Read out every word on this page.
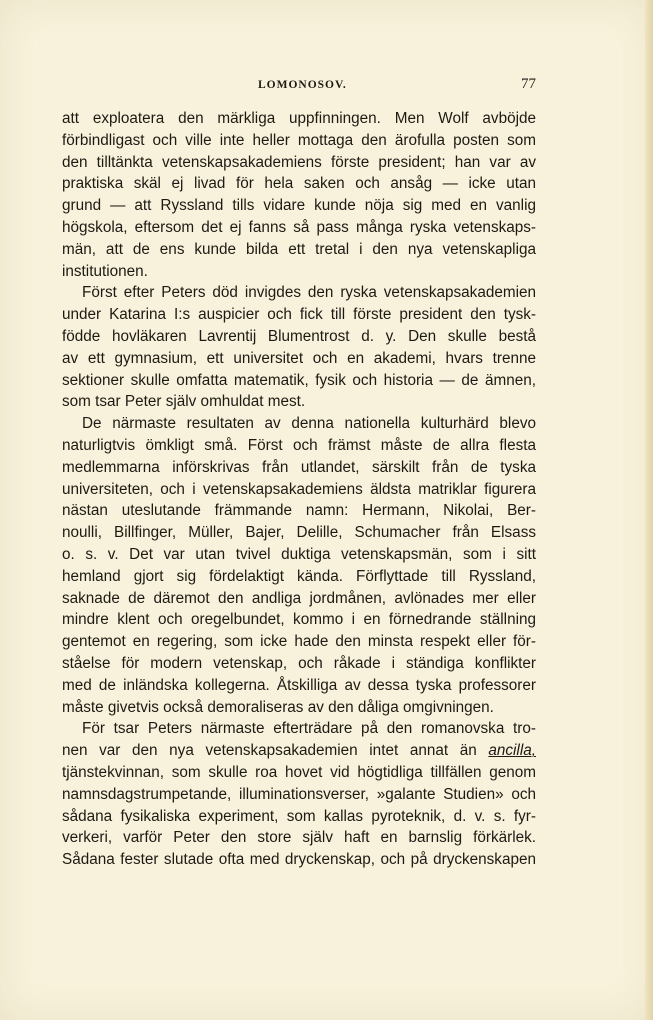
LOMONOSOV.	77
att exploatera den märkliga uppfinningen. Men Wolf avböjde
förbindligast och ville inte heller mottaga den ärofulla posten som
den tilltänkta vetenskapsakademiens förste president; han var av
praktiska skäl ej livad för hela saken och ansåg — icke utan
grund — att Ryssland tills vidare kunde nöja sig med en vanlig
högskola, eftersom det ej fanns så pass många ryska vetenskaps-
män, att de ens kunde bilda ett tretal i den nya vetenskapliga
institutionen.
Först efter Peters död invigdes den ryska vetenskapsakademien
under Katarina I:s auspicier och fick till förste president den tysk-
födde hovläkaren Lavrentij Blumentrost d. y. Den skulle bestå
av ett gymnasium, ett universitet och en akademi, hvars trenne
sektioner skulle omfatta matematik, fysik och historia — de ämnen,
som tsar Peter själv omhuldat mest.
De närmaste resultaten av denna nationella kulturhärd blevo
naturligtvis ömkligt små. Först och främst måste de allra flesta
medlemmarna införskrivas från utlandet, särskilt från de tyska
universiteten, och i vetenskapsakademiens äldsta matriklar figurera
nästan uteslutande främmande namn: Hermann, Nikolai, Ber-
noulli, Billfinger, Müller, Bajer, Delille, Schumacher från Elsass
o. s. v. Det var utan tvivel duktiga vetenskapsmän, som i sitt
hemland gjort sig fördelaktigt kända. Förflyttade till Ryssland,
saknade de däremot den andliga jordmånen, avlönades mer eller
mindre klent och oregelbundet, kommo i en förnedrande ställning
gentemot en regering, som icke hade den minsta respekt eller för-
ståelse för modern vetenskap, och råkade i ständiga konflikter
med de inländska kollegerna. Åtskilliga av dessa tyska professorer
måste givetvis också demoraliseras av den dåliga omgivningen.
För tsar Peters närmaste efterträdare på den romanovska tro-
nen var den nya vetenskapsakademien intet annat än ancilla,
tjänstekvinnan, som skulle roa hovet vid högtidliga tillfällen genom
namnsdagstrumpetande, illuminationsverser, »galante Studien» och
sådana fysikaliska experiment, som kallas pyroteknik, d. v. s. fyr-
verkeri, varför Peter den store själv haft en barnslig förkärlek.
Sådana fester slutade ofta med dryckenskap, och på dryckenskapen
